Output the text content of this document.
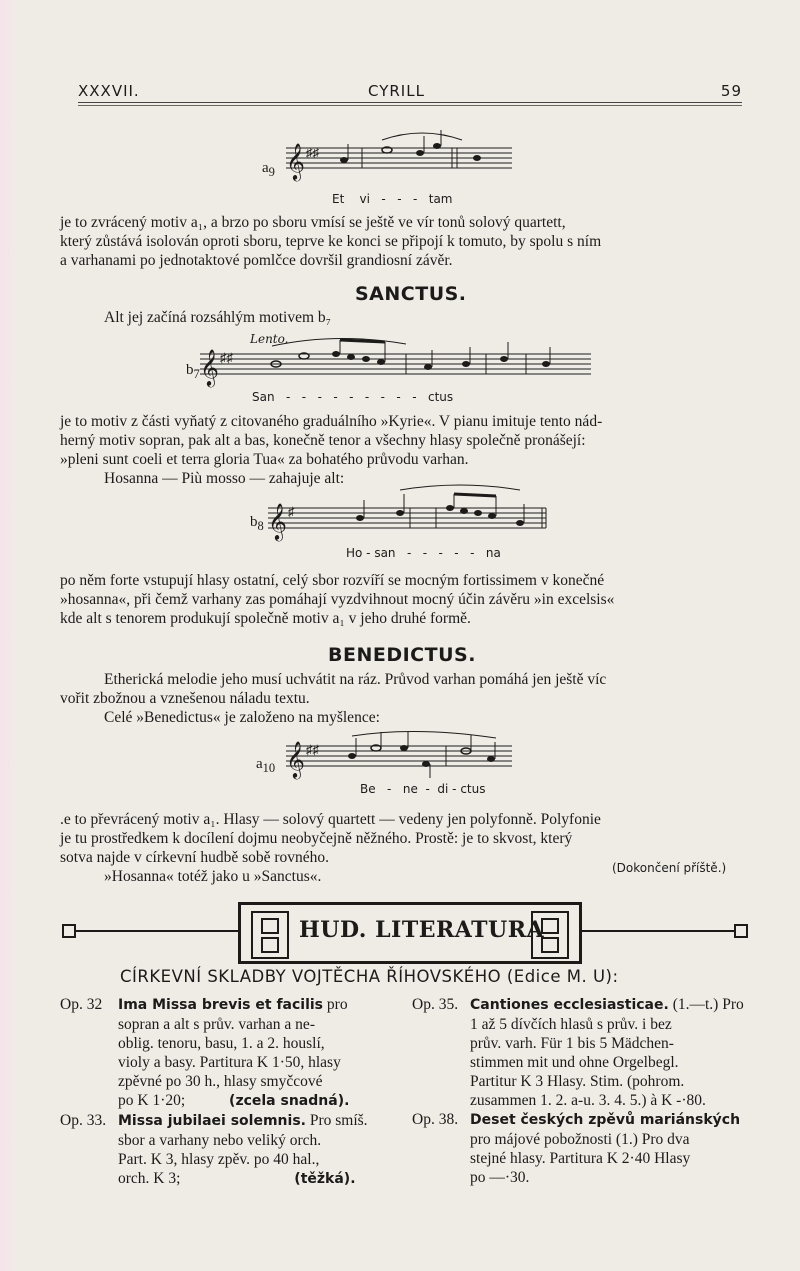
XXXVII.	CYRILL	59
$a_9$ 𝄞 ♯♯
Et    vi   -   -   -   tam
je to zvrácený motiv a₁, a brzo po sboru vmísí se ještě ve vír tonů solový quartett,
který zůstává isolován oproti sboru, teprve ke konci se připojí k tomuto, by spolu s ním
a varhanami po jednotaktové pomlčce dovršil grandiosní závěr.
SANCTUS.
Alt jej začíná rozsáhlým motivem b₇
Lento.
$b_7$ 𝄞 ♯♯
San   -   -   -   -   -   -   -   -   -   ctus
je to motiv z části vyňatý z citovaného graduálního »Kyrie«. V pianu imituje tento nád-
herný motiv sopran, pak alt a bas, konečně tenor a všechny hlasy společně pronášejí:
»pleni sunt coeli et terra gloria Tua« za bohatého průvodu varhan.
Hosanna — Più mosso — zahajuje alt:
$b_8$ 𝄞 ♯
Ho - san   -   -   -   -   -   na
po něm forte vstupují hlasy ostatní, celý sbor rozvíří se mocným fortissimem v konečné
»hosanna«, při čemž varhany zas pomáhají vyzdvihnout mocný účin závěru »in excelsis«
kde alt s tenorem produkují společně motiv a₁ v jeho druhé formě.
BENEDICTUS.
Etherická melodie jeho musí uchvátit na ráz. Průvod varhan pomáhá jen ještě víc
vořit zbožnou a vznešenou náladu textu.
Celé »Benedictus« je založeno na myšlence:
$a_{10}$ 𝄞 ♯♯
Be   -   ne  -  di - ctus
.e to převrácený motiv a₁. Hlasy — solový quartett — vedeny jen polyfonně. Polyfonie
je tu prostředkem k docílení dojmu neobyčejně něžného. Prostě: je to skvost, který
sotva najde v církevní hudbě sobě rovného.
»Hosanna« totéž jako u »Sanctus«.	(Dokončení příště.)
HUD. LITERATURA
CÍRKEVNÍ SKLADBY VOJTĚCHA ŘÍHOVSKÉHO (Edice M. U):
Op. 32 Ima Missa brevis et facilis pro
sopran a alt s prův. varhan a ne-
oblig. tenoru, basu, 1. a 2. houslí,
violy a basy. Partitura K 1·50, hlasy
zpěvné po 30 h., hlasy smyčcové
po K 1·20;	(zcela snadná).
Op. 33. Missa jubilaei solemnis. Pro smíš.
sbor a varhany nebo veliký orch.
Part. K 3, hlasy zpěv. po 40 hal.,
orch. K 3;	(těžká).
Op. 35. Cantiones ecclesiasticae. (1.—t.) Pro
1 až 5 dívčích hlasů s prův. i bez
prův. varh. Für 1 bis 5 Mädchen-
stimmen mit und ohne Orgelbegl.
Partitur K 3 Hlasy. Stim. (pohrom.
zusammen 1. 2. a-u. 3. 4. 5.) à K -·80.
Op. 38. Deset českých zpěvů mariánských
pro májové pobožnosti (1.) Pro dva
stejné hlasy. Partitura K 2·40 Hlasy
po —·30.
